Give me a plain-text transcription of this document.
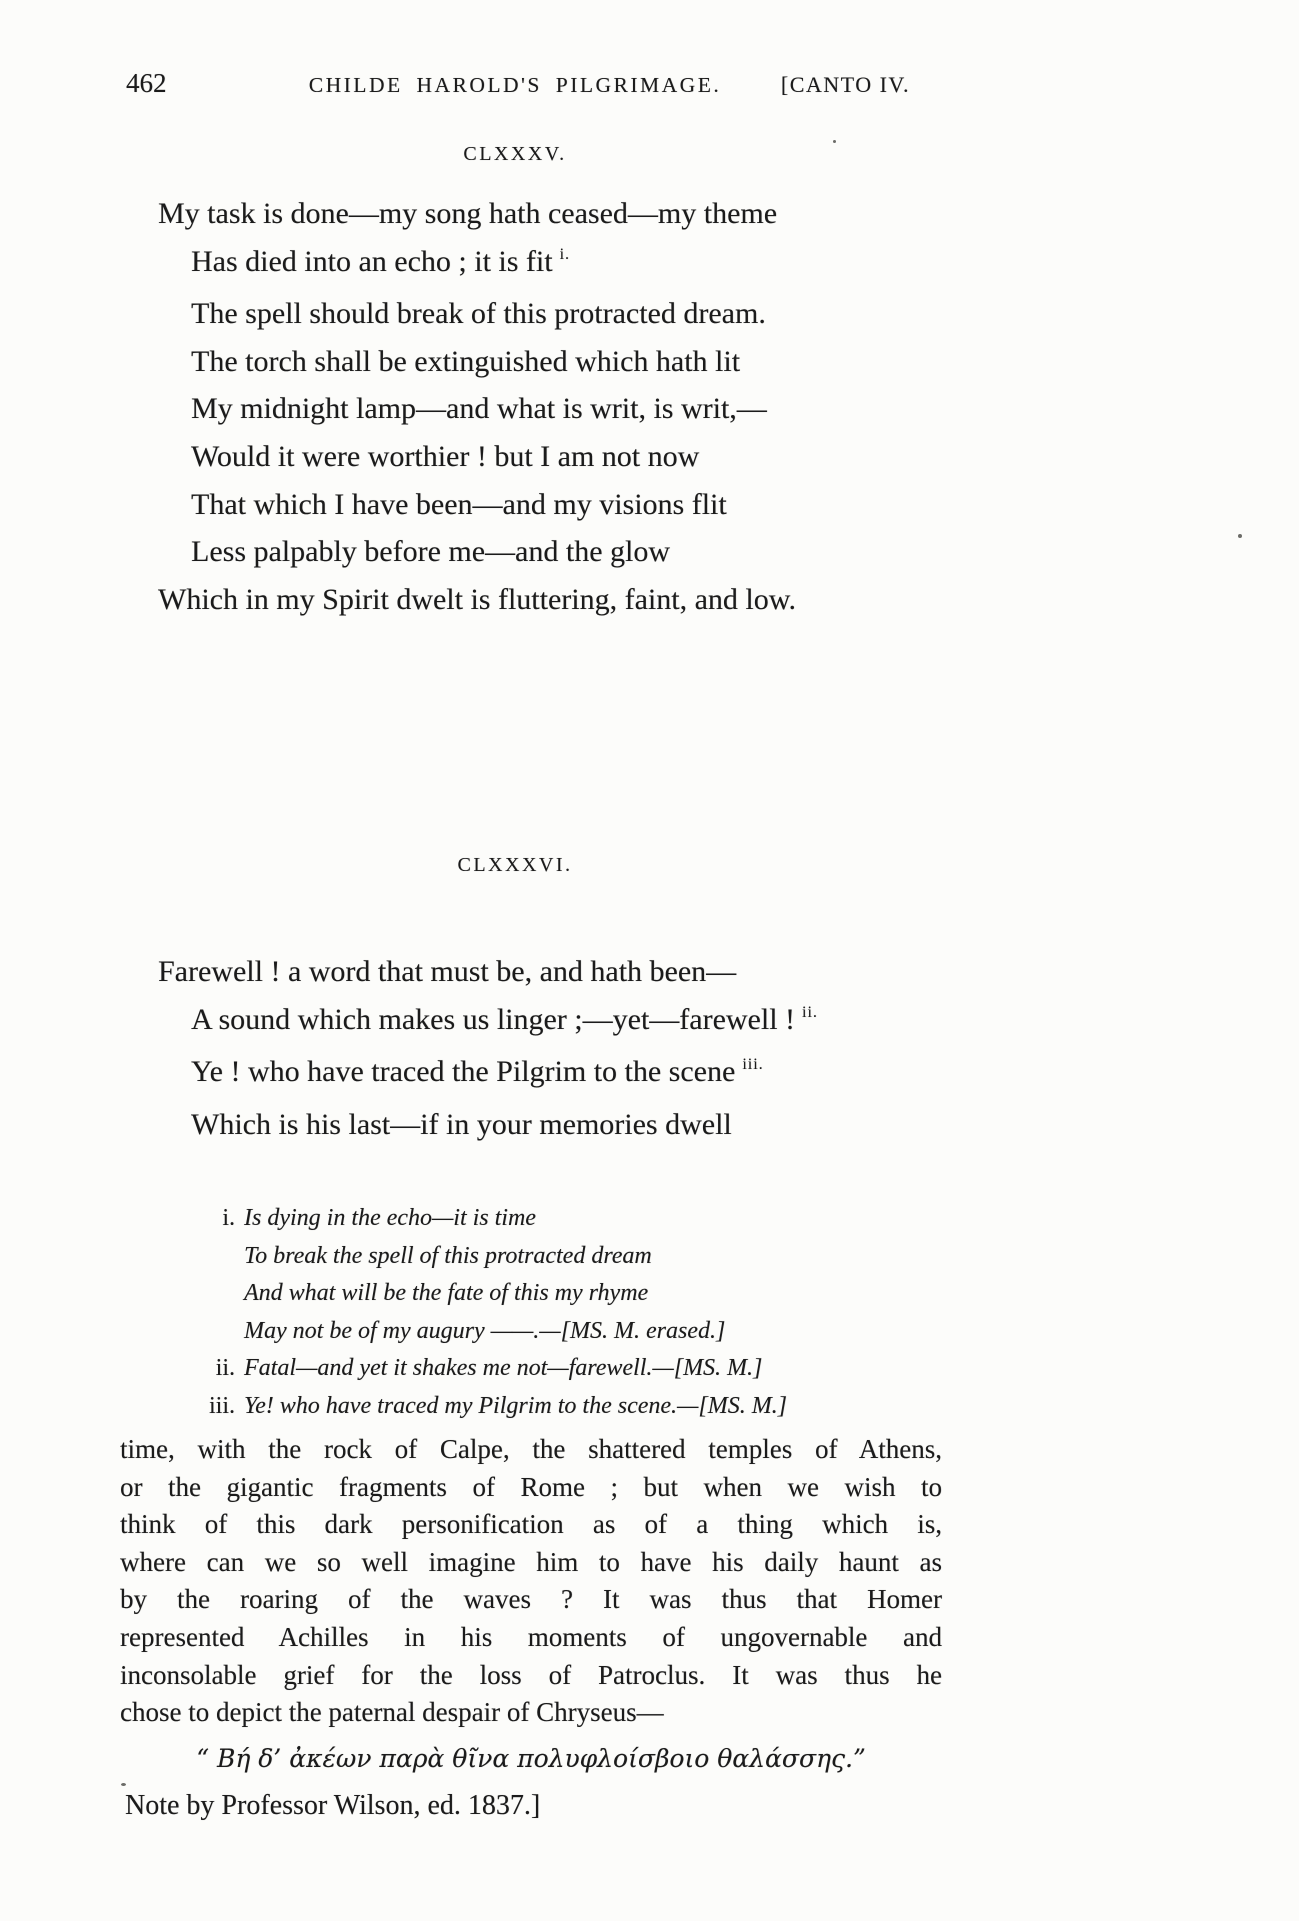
462	CHILDE HAROLD'S PILGRIMAGE.	[CANTO IV.
CLXXXV.
My task is done—my song hath ceased—my theme
Has died into an echo ; it is fit $^{i.}$
The spell should break of this protracted dream.
The torch shall be extinguished which hath lit
My midnight lamp—and what is writ, is writ,—
Would it were worthier ! but I am not now
That which I have been—and my visions flit
Less palpably before me—and the glow
Which in my Spirit dwelt is fluttering, faint, and low.
CLXXXVI.
Farewell ! a word that must be, and hath been—
A sound which makes us linger ;—yet—farewell ! $^{ii.}$
Ye ! who have traced the Pilgrim to the scene $^{iii.}$
Which is his last—if in your memories dwell
i. Is dying in the echo—it is time
To break the spell of this protracted dream
And what will be the fate of this my rhyme
May not be of my augury ——.—[MS. M. erased.]
ii. Fatal—and yet it shakes me not—farewell.—[MS. M.]
iii. Ye! who have traced my Pilgrim to the scene.—[MS. M.]
time, with the rock of Calpe, the shattered temples of Athens,
or the gigantic fragments of Rome ; but when we wish to
think of this dark personification as of a thing which is,
where can we so well imagine him to have his daily haunt as
by the roaring of the waves ? It was thus that Homer
represented Achilles in his moments of ungovernable and
inconsolable grief for the loss of Patroclus. It was thus he
chose to depict the paternal despair of Chryseus—
“ Βή δ’ ἀκέων παρὰ θῖνα πολυφλοίσβοιο θαλάσσης.”
Note by Professor Wilson, ed. 1837.]
